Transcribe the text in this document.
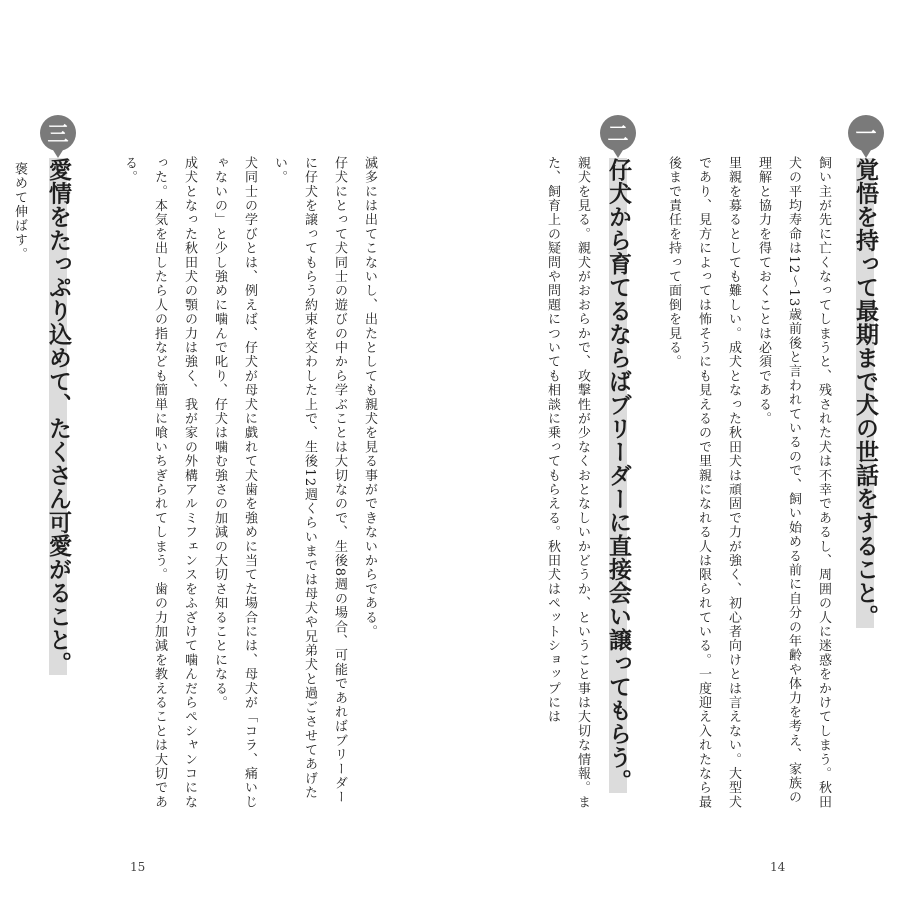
一
覚悟を持って最期まで犬の世話をすること。

飼い主が先に亡くなってしまうと、残された犬は不幸であるし、周囲の人に迷惑をかけてしまう。秋田犬の平均寿命は12～13歳前後と言われているので、飼い始める前に自分の年齢や体力を考え、家族の理解と協力を得ておくことは必須である。

里親を募るとしても難しい。成犬となった秋田犬は頑固で力が強く、初心者向けとは言えない。大型犬であり、見方によっては怖そうにも見えるので里親になれる人は限られている。一度迎え入れたなら最後まで責任を持って面倒を見る。

二
仔犬から育てるならばブリーダーに直接会い譲ってもらう。

親犬を見る。親犬がおおらかで、攻撃性が少なくおとなしいかどうか、ということ事は大切な情報。また、飼育上の疑問や問題についても相談に乗ってもらえる。秋田犬はペットショップには

14

滅多には出てこないし、出たとしても親犬を見る事ができないからである。

仔犬にとって犬同士の遊びの中から学ぶことは大切なので、生後8週の場合、可能であればブリーダーに仔犬を譲ってもらう約束を交わした上で、生後12週くらいまでは母犬や兄弟犬と過ごさせてあげたい。

犬同士の学びとは、例えば、仔犬が母犬に戯れて犬歯を強めに当てた場合には、母犬が「コラ、痛いじゃないの」と少し強めに噛んで叱り、仔犬は噛む強さの加減の大切さ知ることになる。

成犬となった秋田犬の顎の力は強く、我が家の外構アルミフェンスをふざけて噛んだらペシャンコになった。本気を出したら人の指なども簡単に喰いちぎられてしまう。歯の力加減を教えることは大切である。

三
愛情をたっぷり込めて、たくさん可愛がること。

褒めて伸ばす。

15
